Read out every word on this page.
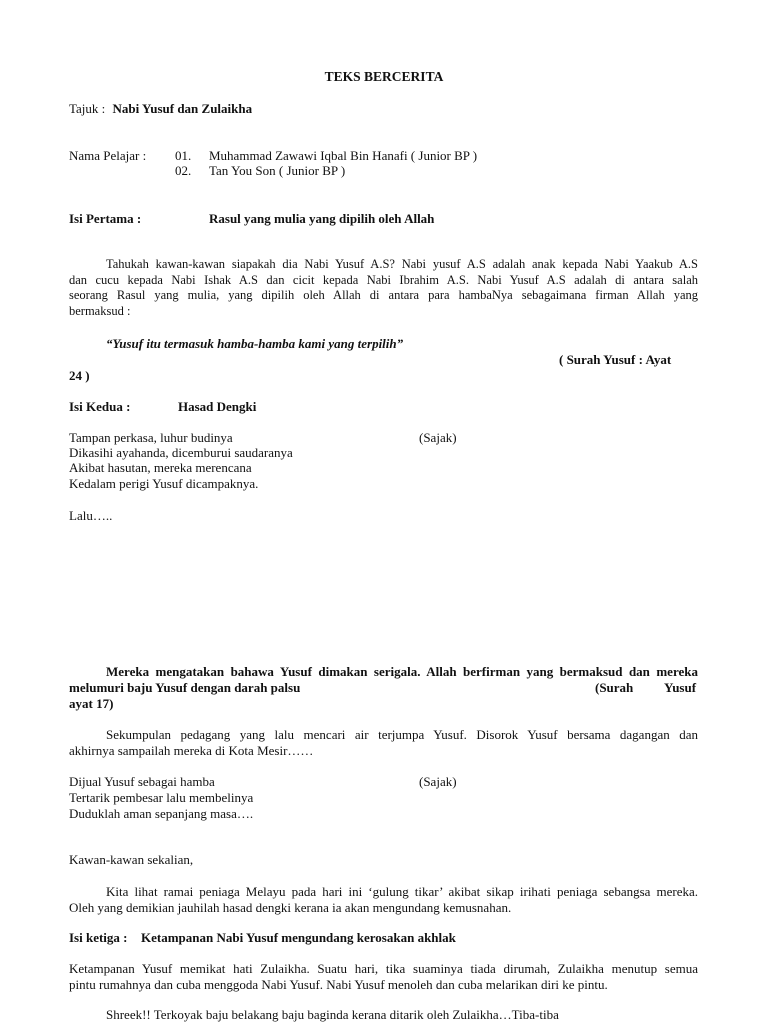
TEKS BERCERITA
Tajuk : Nabi Yusuf dan Zulaikha
Nama Pelajar : 01. Muhammad Zawawi Iqbal Bin Hanafi ( Junior BP )
02. Tan You Son ( Junior BP )
Isi Pertama :	Rasul yang mulia yang dipilih oleh Allah
Tahukah kawan-kawan siapakah dia Nabi Yusuf A.S? Nabi yusuf A.S adalah anak kepada Nabi Yaakub A.S
dan cucu kepada Nabi Ishak A.S dan cicit kepada Nabi Ibrahim A.S. Nabi Yusuf A.S adalah di antara salah
seorang Rasul yang mulia, yang dipilih oleh Allah di antara para hambaNya sebagaimana firman Allah yang
bermaksud :
“Yusuf itu termasuk hamba-hamba kami yang terpilih”
( Surah Yusuf : Ayat
24 )
Isi Kedua :	Hasad Dengki
Tampan perkasa, luhur budinya	(Sajak)
Dikasihi ayahanda, dicemburui saudaranya
Akibat hasutan, mereka merencana
Kedalam perigi Yusuf dicampaknya.
Lalu…..
Mereka mengatakan bahawa Yusuf dimakan serigala. Allah berfirman yang bermaksud dan mereka
melumuri baju Yusuf dengan darah palsu	(Surah Yusuf
ayat 17)
Sekumpulan pedagang yang lalu mencari air terjumpa Yusuf. Disorok Yusuf bersama dagangan dan
akhirnya sampailah mereka di Kota Mesir……
Dijual Yusuf sebagai hamba	(Sajak)
Tertarik pembesar lalu membelinya
Duduklah aman sepanjang masa….
Kawan-kawan sekalian,
Kita lihat ramai peniaga Melayu pada hari ini ‘gulung tikar’ akibat sikap irihati peniaga sebangsa mereka.
Oleh yang demikian jauhilah hasad dengki kerana ia akan mengundang kemusnahan.
Isi ketiga : Ketampanan Nabi Yusuf mengundang kerosakan akhlak
Ketampanan Yusuf memikat hati Zulaikha. Suatu hari, tika suaminya tiada dirumah, Zulaikha menutup semua
pintu rumahnya dan cuba menggoda Nabi Yusuf. Nabi Yusuf menoleh dan cuba melarikan diri ke pintu.
Shreek!! Terkoyak baju belakang baju baginda kerana ditarik oleh Zulaikha…Tiba-tiba
